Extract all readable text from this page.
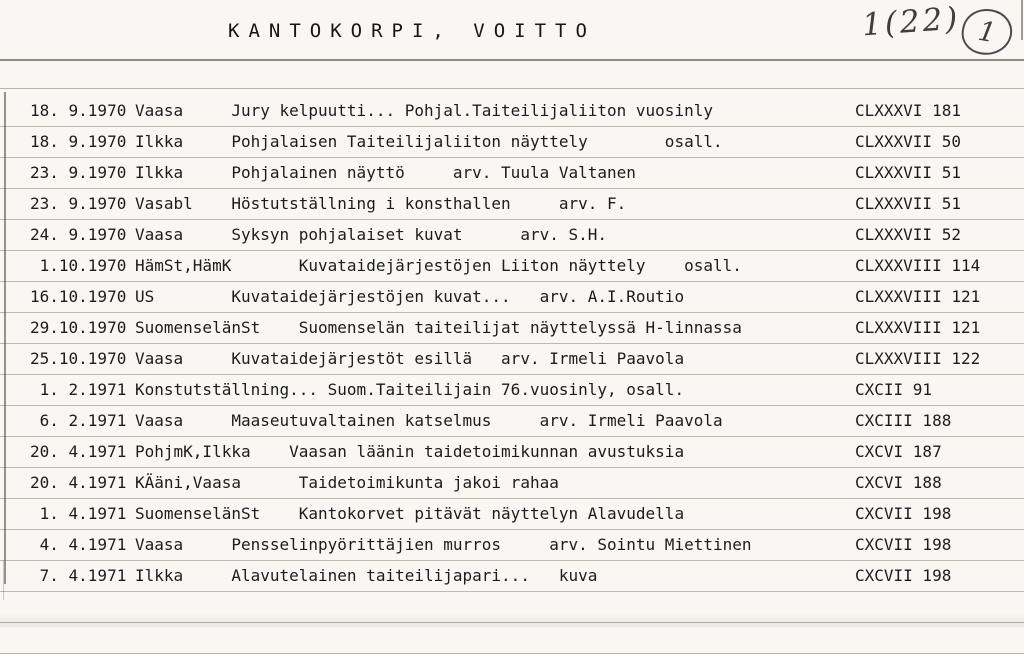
KANTOKORPI, VOITTO	1(22) 1
18. 9.1970 Vaasa     Jury kelpuutti... Pohjal.Taiteilijaliiton vuosinly	CLXXXVI 181
18. 9.1970 Ilkka     Pohjalaisen Taiteilijaliiton näyttely        osall.	CLXXXVII 50
23. 9.1970 Ilkka     Pohjalainen näyttö     arv. Tuula Valtanen	CLXXXVII 51
23. 9.1970 Vasabl    Höstutställning i konsthallen     arv. F.	CLXXXVII 51
24. 9.1970 Vaasa     Syksyn pohjalaiset kuvat      arv. S.H.	CLXXXVII 52
1.10.1970 HämSt,HämK       Kuvataidejärjestöjen Liiton näyttely    osall.	CLXXXVIII 114
16.10.1970 US        Kuvataidejärjestöjen kuvat...   arv. A.I.Routio	CLXXXVIII 121
29.10.1970 SuomenselänSt    Suomenselän taiteilijat näyttelyssä H-linnassa	CLXXXVIII 121
25.10.1970 Vaasa     Kuvataidejärjestöt esillä   arv. Irmeli Paavola	CLXXXVIII 122
1. 2.1971 Konstutställning... Suom.Taiteilijain 76.vuosinly, osall.	CXCII 91
6. 2.1971 Vaasa     Maaseutuvaltainen katselmus     arv. Irmeli Paavola	CXCIII 188
20. 4.1971 PohjmK,Ilkka    Vaasan läänin taidetoimikunnan avustuksia	CXCVI 187
20. 4.1971 KÄäni,Vaasa      Taidetoimikunta jakoi rahaa	CXCVI 188
1. 4.1971 SuomenselänSt    Kantokorvet pitävät näyttelyn Alavudella	CXCVII 198
4. 4.1971 Vaasa     Pensselinpyörittäjien murros     arv. Sointu Miettinen	CXCVII 198
7. 4.1971 Ilkka     Alavutelainen taiteilijapari...   kuva	CXCVII 198
